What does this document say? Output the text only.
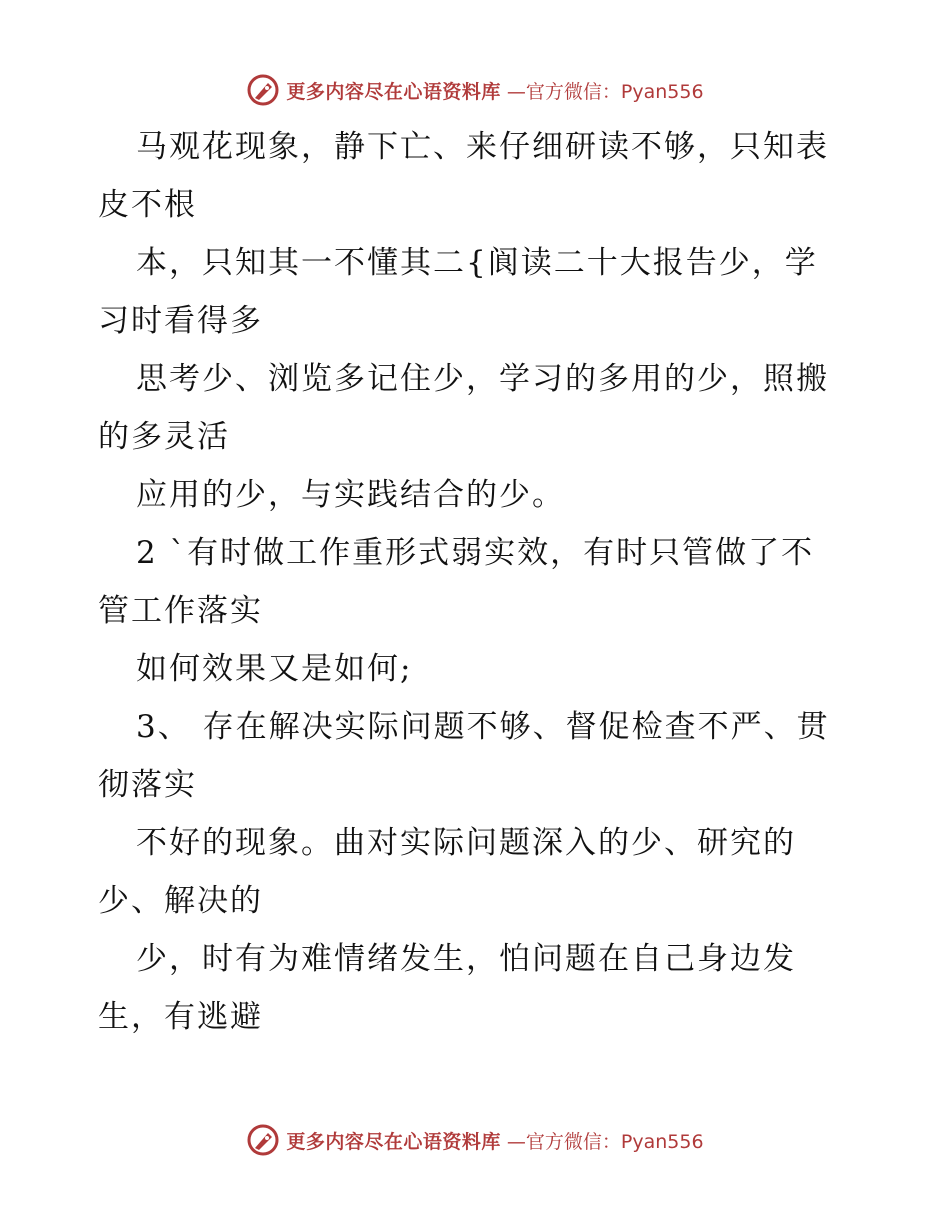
更多内容尽在心语资料库 —官方微信：Pyan556
马观花现象，静下亡、来仔细研读不够，只知表
皮不根
本，只知其一不懂其二{阆读二十大报告少，学
习时看得多
思考少、浏览多记住少，学习的多用的少，照搬
的多灵活
应用的少，与实践结合的少。
2 `有时做工作重形式弱实效，有时只管做了不
管工作落实
如何效果又是如何;
3、 存在解决实际问题不够、督促检查不严、贯
彻落实
不好的现象。曲对实际问题深入的少、研究的
少、解决的
少，时有为难情绪发生，怕问题在自己身边发
生，有逃避
更多内容尽在心语资料库 —官方微信：Pyan556
